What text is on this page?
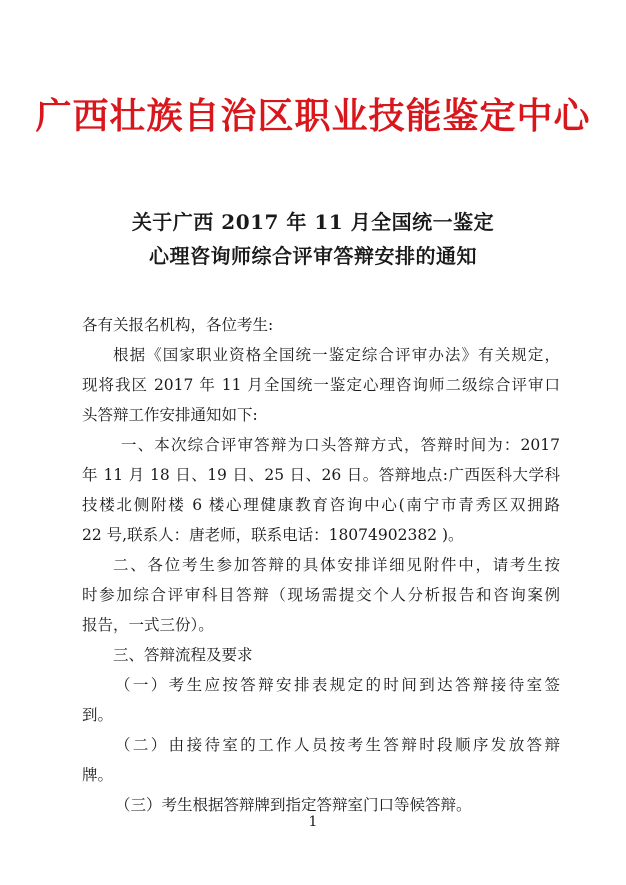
广西壮族自治区职业技能鉴定中心
关于广西 2017 年 11 月全国统一鉴定
心理咨询师综合评审答辩安排的通知
各有关报名机构，各位考生:
根据《国家职业资格全国统一鉴定综合评审办法》有关规定，
现将我区 2017 年 11 月全国统一鉴定心理咨询师二级综合评审口
头答辩工作安排通知如下:
一、本次综合评审答辩为口头答辩方式，答辩时间为：2017
年 11 月 18 日、19 日、25 日、26 日。答辩地点:广西医科大学科
技楼北侧附楼 6 楼心理健康教育咨询中心(南宁市青秀区双拥路
22 号,联系人：唐老师，联系电话：18074902382 )。
二、各位考生参加答辩的具体安排详细见附件中，请考生按
时参加综合评审科目答辩（现场需提交个人分析报告和咨询案例
报告，一式三份）。
三、答辩流程及要求
（一）考生应按答辩安排表规定的时间到达答辩接待室签
到。
（二）由接待室的工作人员按考生答辩时段顺序发放答辩
牌。
（三）考生根据答辩牌到指定答辩室门口等候答辩。
1
